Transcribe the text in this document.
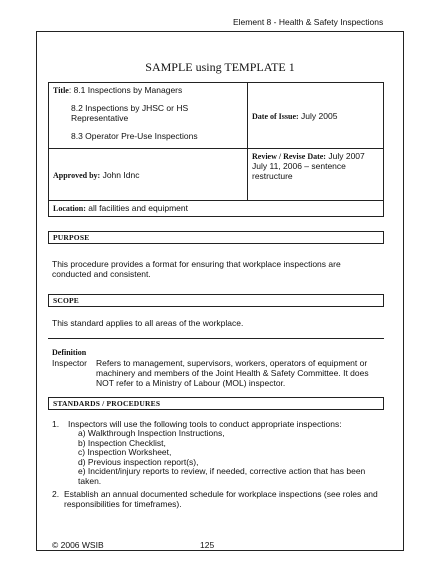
Element 8 - Health & Safety Inspections
SAMPLE using TEMPLATE 1
Title: 8.1 Inspections by Managers
8.2 Inspections by JHSC or HS Representative
8.3 Operator Pre-Use Inspections	Date of Issue: July 2005
Approved by: John Idnc	Review / Revise Date: July 2007
July 11, 2006 – sentence restructure

Location: all facilities and equipment	
PURPOSE
This procedure provides a format for ensuring that workplace inspections are conducted and consistent.
SCOPE
This standard applies to all areas of the workplace.
Definition
Inspector Refers to management, supervisors, workers, operators of equipment or machinery and members of the Joint Health & Safety Committee. It does NOT refer to a Ministry of Labour (MOL) inspector.
STANDARDS / PROCEDURES
1. Inspectors will use the following tools to conduct appropriate inspections:
a) Walkthrough Inspection Instructions,
b) Inspection Checklist,
c) Inspection Worksheet,
d) Previous inspection report(s),
e) Incident/injury reports to review, if needed, corrective action that has been taken.
2. Establish an annual documented schedule for workplace inspections (see roles and responsibilities for timeframes).
© 2006 WSIB	125
